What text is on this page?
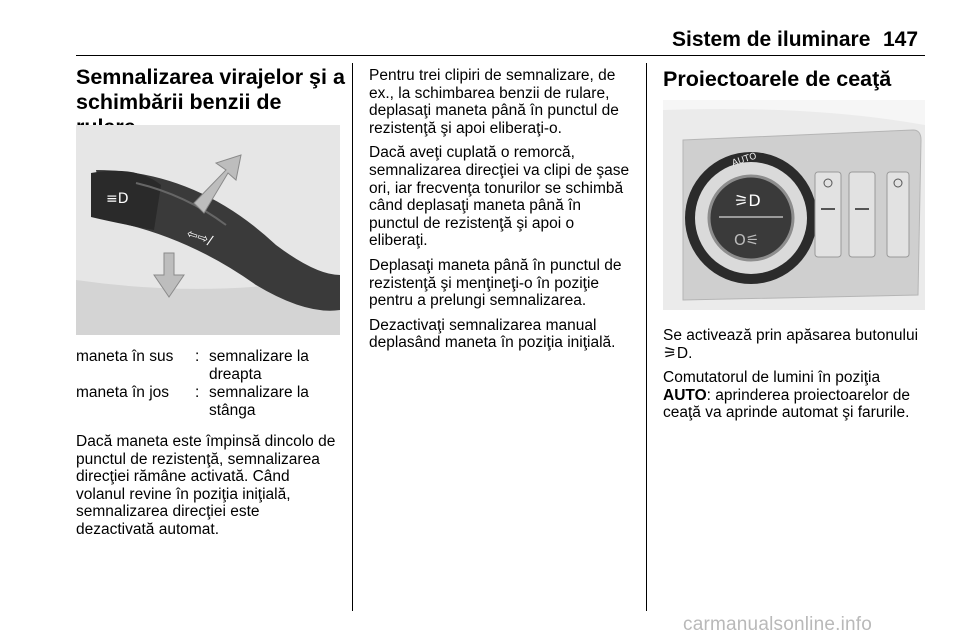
Sistem de iluminare 147
Semnalizarea virajelor şi a
schimbării benzii de
≡D
⇦⇨/
maneta în sus	: semnalizare la dreapta
maneta în jos	: semnalizare la stânga

Dacă maneta este împinsă dincolo de punctul de rezistenţă, semnalizarea direcţiei rămâne activată. Când volanul revine în poziţia iniţială, semnalizarea direcţiei este dezactivată automat.

Pentru trei clipiri de semnalizare, de ex., la schimbarea benzii de rulare, deplasaţi maneta până în punctul de rezistenţă şi apoi eliberaţi-o.

Dacă aveţi cuplată o remorcă, semnalizarea direcţiei va clipi de şase ori, iar frecvenţa tonurilor se schimbă când deplasaţi maneta până în punctul de rezistenţă şi apoi o eliberaţi.

Deplasaţi maneta până în punctul de rezistenţă şi menţineţi-o în poziţie pentru a prelungi semnalizarea.

Dezactivaţi semnalizarea manual deplasând maneta în poziţia iniţială.

Proiectoarele de ceaţă
AUTO
⚞D
O⚟

Se activează prin apăsarea butonului ⚞D.

Comutatorul de lumini în poziţia
AUTO: aprinderea proiectoarelor de ceaţă va aprinde automat şi farurile.

carmanualsonline.info
